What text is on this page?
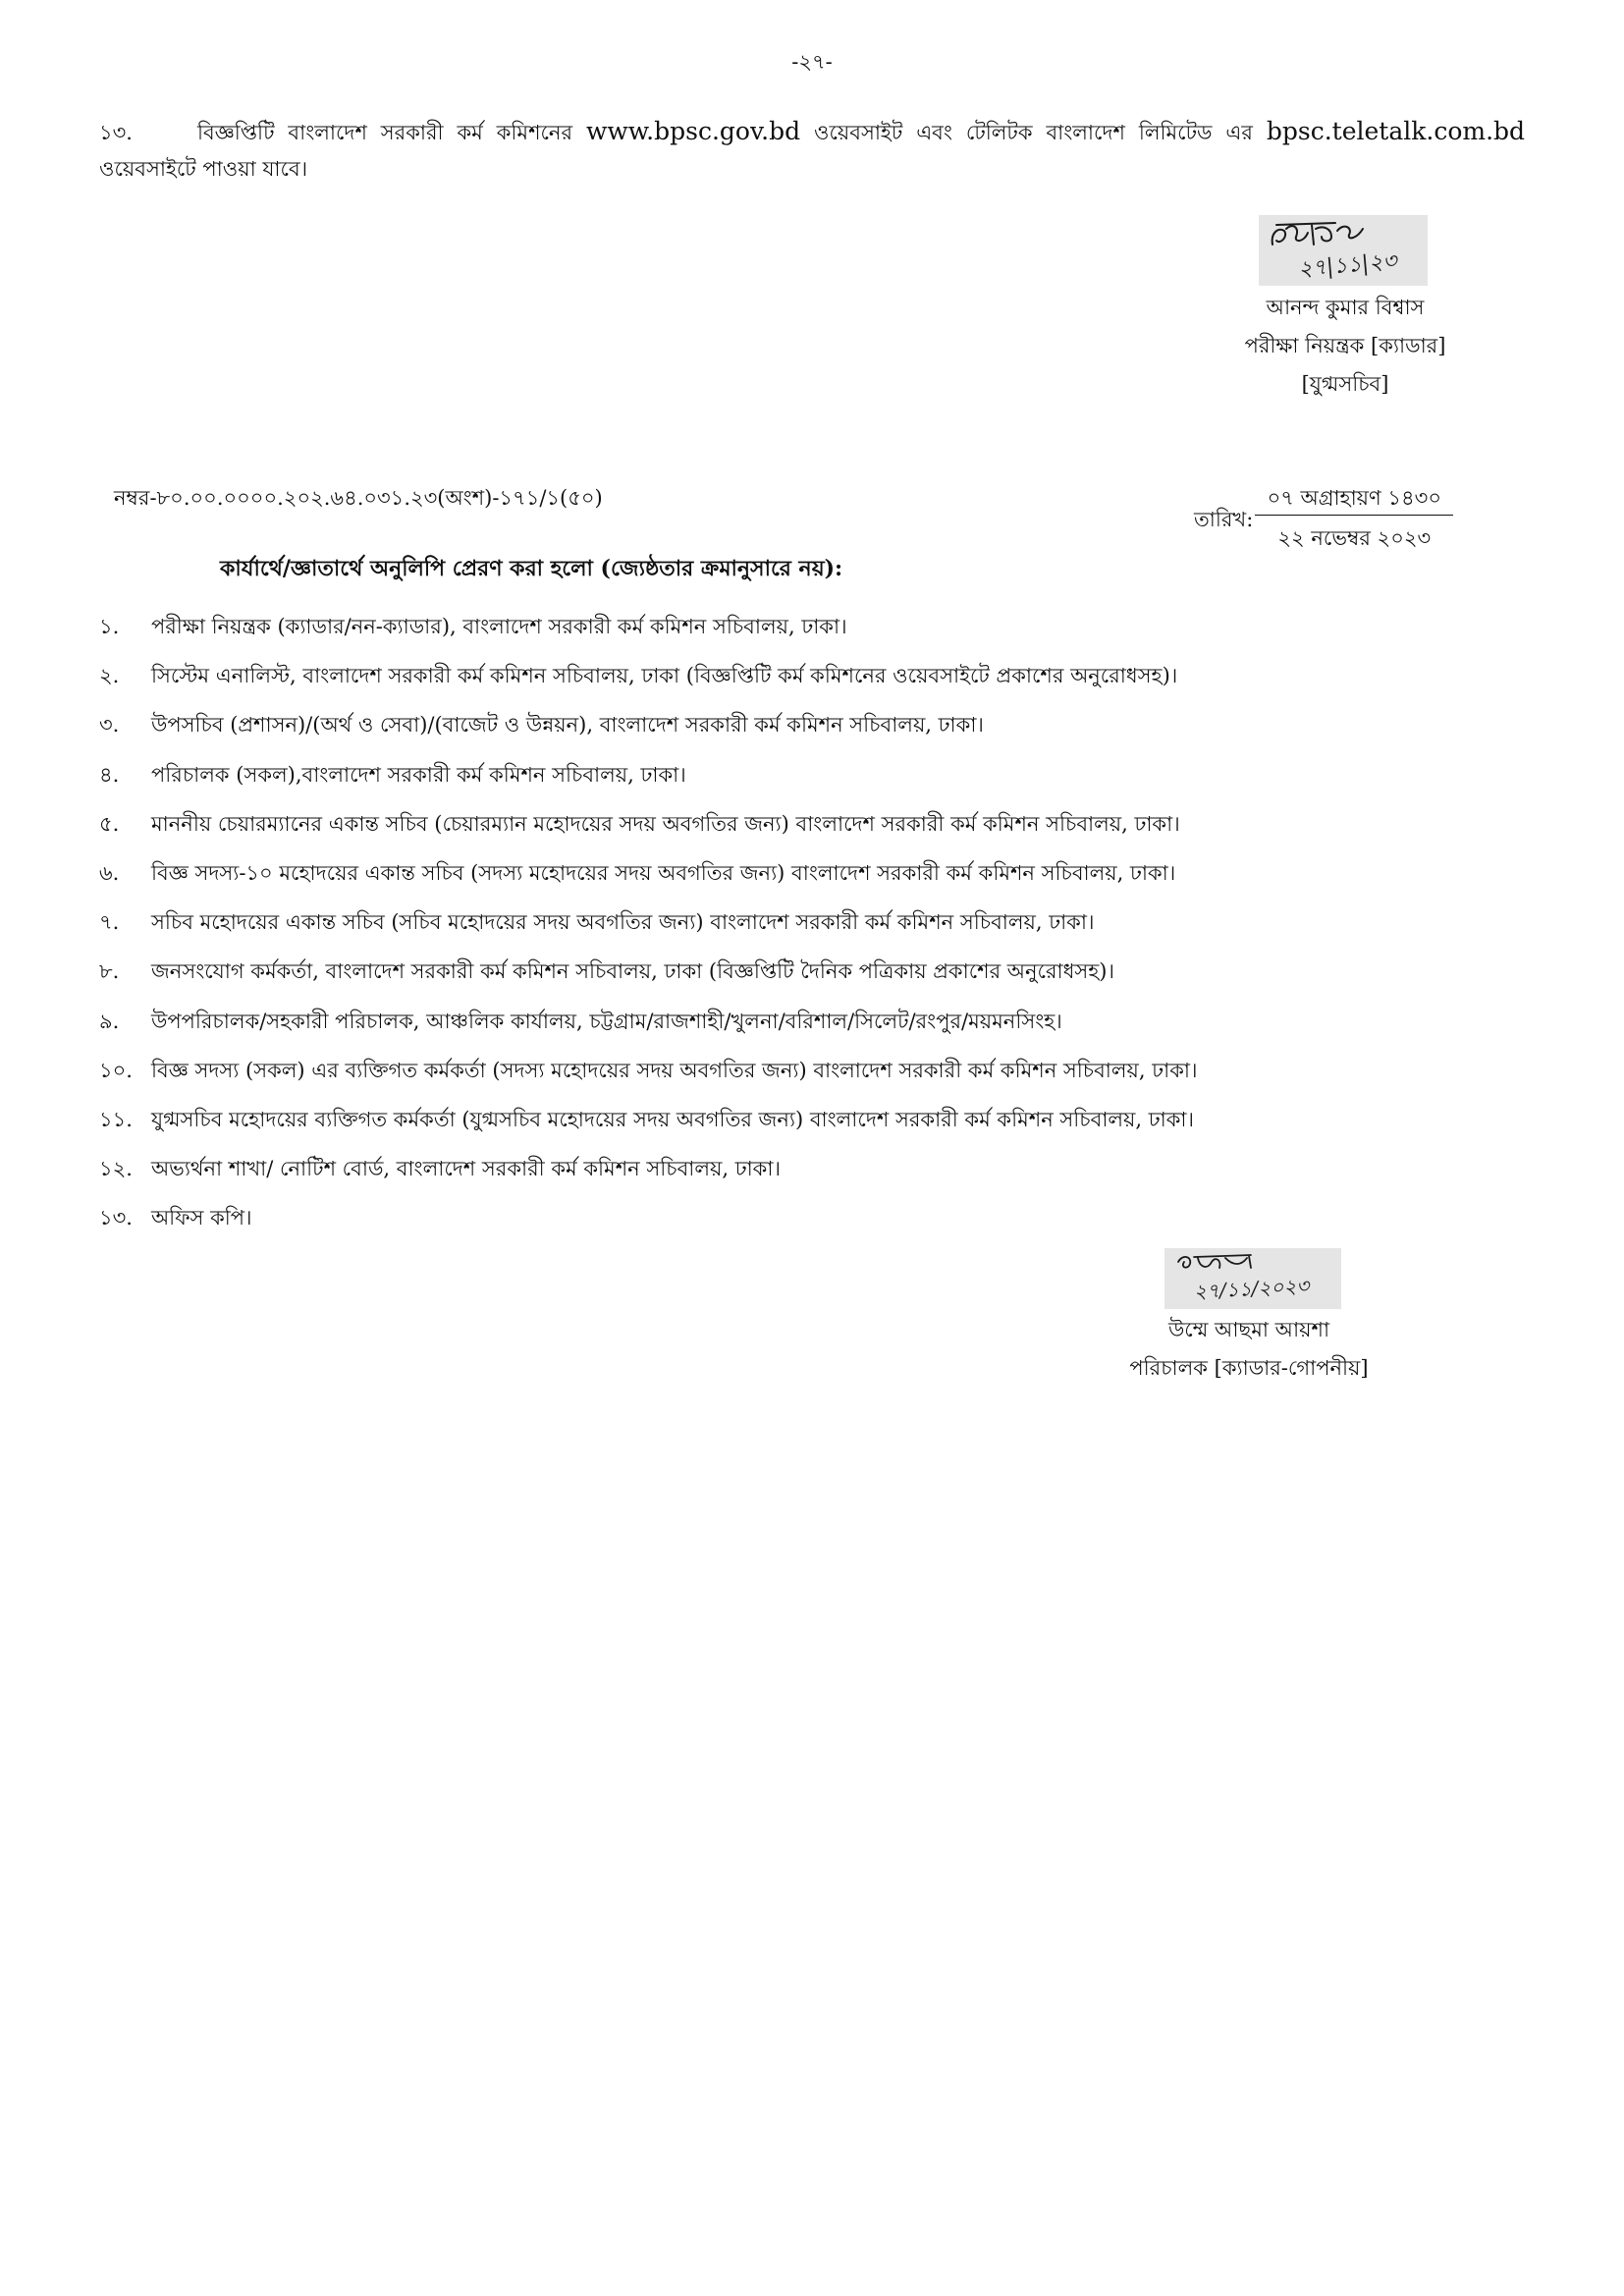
-২৭-

১৩.	বিজ্ঞপ্তিটি বাংলাদেশ সরকারী কর্ম কমিশনের www.bpsc.gov.bd ওয়েবসাইট এবং টেলিটক বাংলাদেশ লিমিটেড এর bpsc.teletalk.com.bd ওয়েবসাইটে পাওয়া যাবে।

২৭|১১|২৩
আনন্দ কুমার বিশ্বাস
পরীক্ষা নিয়ন্ত্রক [ক্যাডার]
[যুগ্মসচিব]
নম্বর-৮০.০০.০০০০.২০২.৬৪.০৩১.২৩(অংশ)-১৭১/১(৫০)
তারিখ:
০৭ অগ্রাহায়ণ ১৪৩০
২২ নভেম্বর ২০২৩
কার্যার্থে/জ্ঞাতার্থে অনুলিপি প্রেরণ করা হলো (জ্যেষ্ঠতার ক্রমানুসারে নয়):
১.	পরীক্ষা নিয়ন্ত্রক (ক্যাডার/নন-ক্যাডার), বাংলাদেশ সরকারী কর্ম কমিশন সচিবালয়, ঢাকা।
২.	সিস্টেম এনালিস্ট, বাংলাদেশ সরকারী কর্ম কমিশন সচিবালয়, ঢাকা (বিজ্ঞপ্তিটি কর্ম কমিশনের ওয়েবসাইটে প্রকাশের অনুরোধসহ)।
৩.	উপসচিব (প্রশাসন)/(অর্থ ও সেবা)/(বাজেট ও উন্নয়ন), বাংলাদেশ সরকারী কর্ম কমিশন সচিবালয়, ঢাকা।
৪.	পরিচালক (সকল),বাংলাদেশ সরকারী কর্ম কমিশন সচিবালয়, ঢাকা।
৫.	মাননীয় চেয়ারম্যানের একান্ত সচিব (চেয়ারম্যান মহোদয়ের সদয় অবগতির জন্য) বাংলাদেশ সরকারী কর্ম কমিশন সচিবালয়, ঢাকা।
৬.	বিজ্ঞ সদস্য-১০ মহোদয়ের একান্ত সচিব (সদস্য মহোদয়ের সদয় অবগতির জন্য) বাংলাদেশ সরকারী কর্ম কমিশন সচিবালয়, ঢাকা।
৭.	সচিব মহোদয়ের একান্ত সচিব (সচিব মহোদয়ের সদয় অবগতির জন্য) বাংলাদেশ সরকারী কর্ম কমিশন সচিবালয়, ঢাকা।
৮.	জনসংযোগ কর্মকর্তা, বাংলাদেশ সরকারী কর্ম কমিশন সচিবালয়, ঢাকা (বিজ্ঞপ্তিটি দৈনিক পত্রিকায় প্রকাশের অনুরোধসহ)।
৯.	উপপরিচালক/সহকারী পরিচালক, আঞ্চলিক কার্যালয়, চট্টগ্রাম/রাজশাহী/খুলনা/বরিশাল/সিলেট/রংপুর/ময়মনসিংহ।
১০. বিজ্ঞ সদস্য (সকল) এর ব্যক্তিগত কর্মকর্তা (সদস্য মহোদয়ের সদয় অবগতির জন্য) বাংলাদেশ সরকারী কর্ম কমিশন সচিবালয়, ঢাকা।
১১. যুগ্মসচিব মহোদয়ের ব্যক্তিগত কর্মকর্তা (যুগ্মসচিব মহোদয়ের সদয় অবগতির জন্য) বাংলাদেশ সরকারী কর্ম কমিশন সচিবালয়, ঢাকা।
১২. অভ্যর্থনা শাখা/ নোটিশ বোর্ড, বাংলাদেশ সরকারী কর্ম কমিশন সচিবালয়, ঢাকা।
১৩. অফিস কপি।
২৭/১১/২০২৩
উম্মে আছমা আয়শা
পরিচালক [ক্যাডার-গোপনীয়]
